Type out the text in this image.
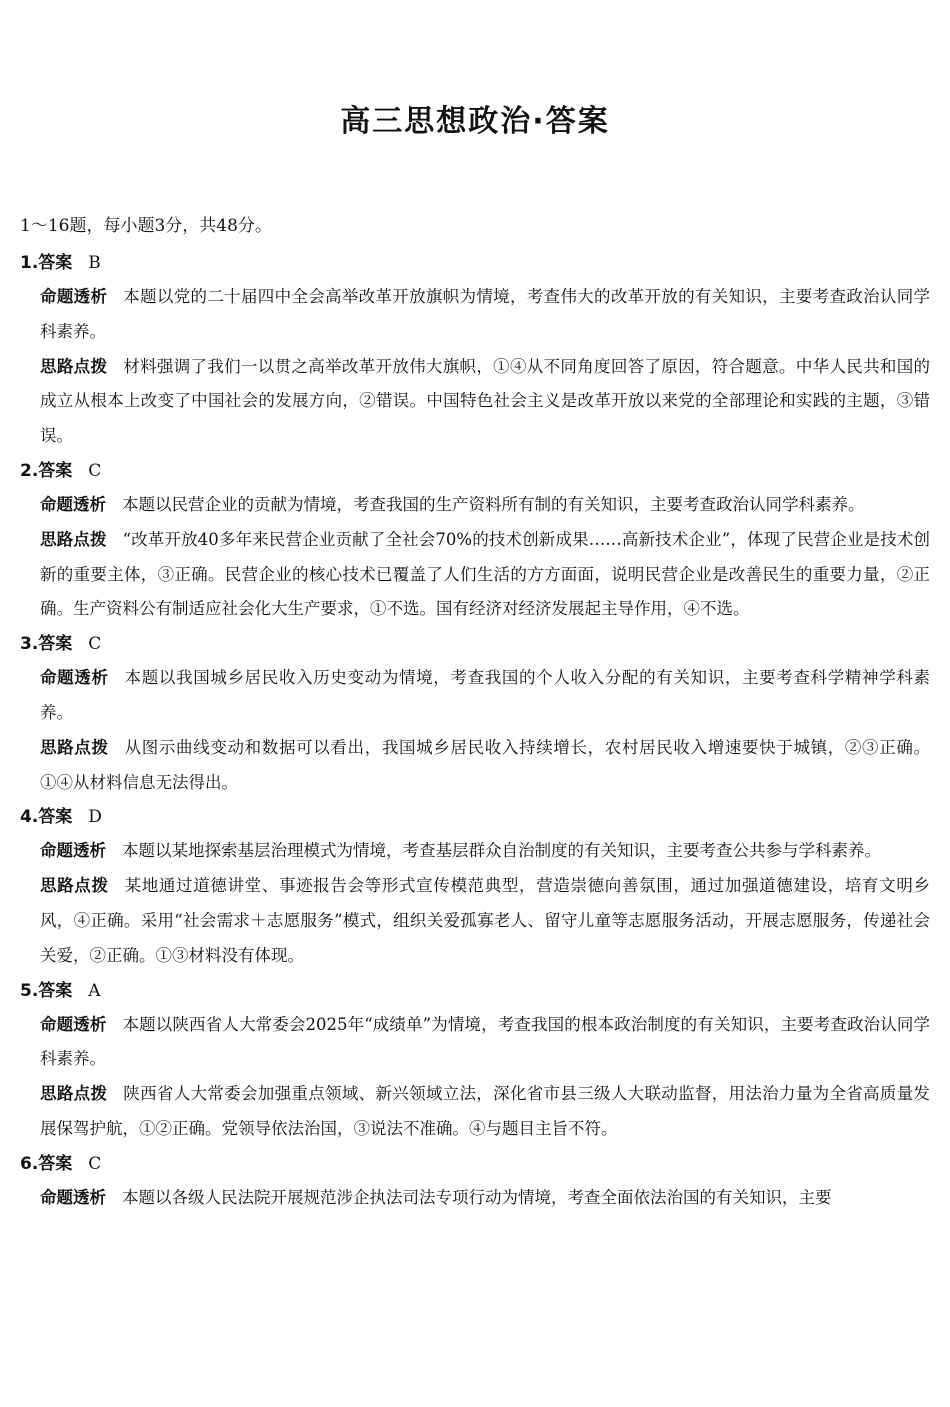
高三思想政治·答案
1～16题，每小题3分，共48分。
1.答案 B

命题透析 本题以党的二十届四中全会高举改革开放旗帜为情境，考查伟大的改革开放的有关知识，主要考查政治认同学科素养。

思路点拨 材料强调了我们一以贯之高举改革开放伟大旗帜，①④从不同角度回答了原因，符合题意。中华人民共和国的成立从根本上改变了中国社会的发展方向，②错误。中国特色社会主义是改革开放以来党的全部理论和实践的主题，③错误。

2.答案 C

命题透析 本题以民营企业的贡献为情境，考查我国的生产资料所有制的有关知识，主要考查政治认同学科素养。

思路点拨 “改革开放40多年来民营企业贡献了全社会70%的技术创新成果……高新技术企业”，体现了民营企业是技术创新的重要主体，③正确。民营企业的核心技术已覆盖了人们生活的方方面面，说明民营企业是改善民生的重要力量，②正确。生产资料公有制适应社会化大生产要求，①不选。国有经济对经济发展起主导作用，④不选。

3.答案 C

命题透析 本题以我国城乡居民收入历史变动为情境，考查我国的个人收入分配的有关知识，主要考查科学精神学科素养。

思路点拨 从图示曲线变动和数据可以看出，我国城乡居民收入持续增长，农村居民收入增速要快于城镇，②③正确。①④从材料信息无法得出。

4.答案 D

命题透析 本题以某地探索基层治理模式为情境，考查基层群众自治制度的有关知识，主要考查公共参与学科素养。

思路点拨 某地通过道德讲堂、事迹报告会等形式宣传模范典型，营造崇德向善氛围，通过加强道德建设，培育文明乡风，④正确。采用“社会需求＋志愿服务”模式，组织关爱孤寡老人、留守儿童等志愿服务活动，开展志愿服务，传递社会关爱，②正确。①③材料没有体现。

5.答案 A

命题透析 本题以陕西省人大常委会2025年“成绩单”为情境，考查我国的根本政治制度的有关知识，主要考查政治认同学科素养。

思路点拨 陕西省人大常委会加强重点领域、新兴领域立法，深化省市县三级人大联动监督，用法治力量为全省高质量发展保驾护航，①②正确。党领导依法治国，③说法不准确。④与题目主旨不符。

6.答案 C

命题透析 本题以各级人民法院开展规范涉企执法司法专项行动为情境，考查全面依法治国的有关知识，主要
